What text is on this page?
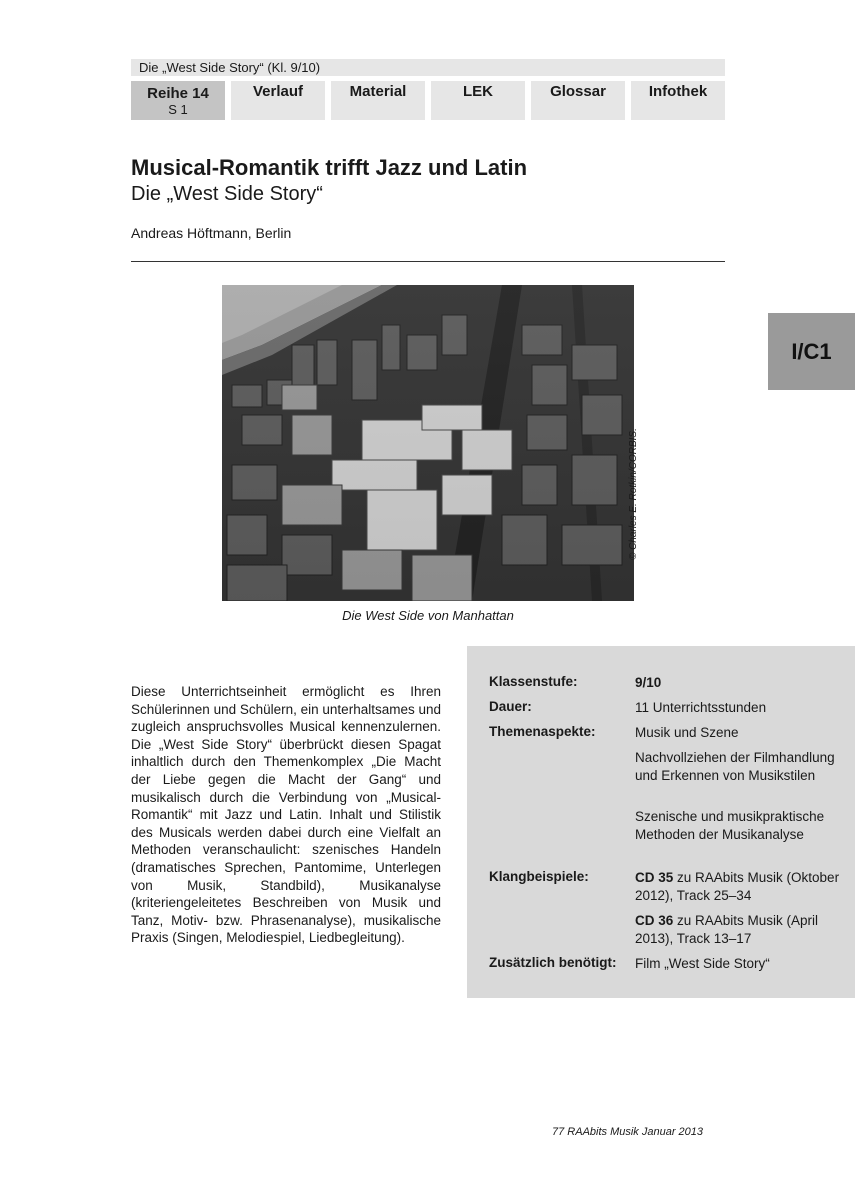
Die „West Side Story“ (Kl. 9/10)
Reihe 14
S 1
Verlauf	Material	LEK	Glossar	Infothek
Musical-Romantik trifft Jazz und Latin
Die „West Side Story“
Andreas Höftmann, Berlin
I/C1
© Charles E. Rotkin/CORBIS.
Die West Side von Manhattan
Diese Unterrichtseinheit ermöglicht es Ihren Schülerinnen und Schülern, ein unterhaltsames und zugleich anspruchsvolles Musical kennenzulernen. Die „West Side Story“ überbrückt diesen Spagat inhaltlich durch den Themenkomplex „Die Macht der Liebe gegen die Macht der Gang“ und musikalisch durch die Verbindung von „Musical-Romantik“ mit Jazz und Latin. Inhalt und Stilistik des Musicals werden dabei durch eine Vielfalt an Methoden veranschaulicht: szenisches Handeln (dramatisches Sprechen, Pantomime, Unterlegen von Musik, Standbild), Musikanalyse (kriteriengeleitetes Beschreiben von Musik und Tanz, Motiv- bzw. Phrasenanalyse), musikalische Praxis (Singen, Melodiespiel, Liedbegleitung).
Klassenstufe:	9/10
Dauer:	11 Unterrichtsstunden
Themenaspekte:	Musik und Szene
Nachvollziehen der Filmhandlung und Erkennen von Musikstilen
Szenische und musikpraktische Methoden der Musikanalyse
Klangbeispiele:	CD 35 zu RAAbits Musik (Oktober 2012), Track 25–34
CD 36 zu RAAbits Musik (April 2013), Track 13–17
Zusätzlich benötigt: Film „West Side Story“
77 RAAbits Musik Januar 2013
